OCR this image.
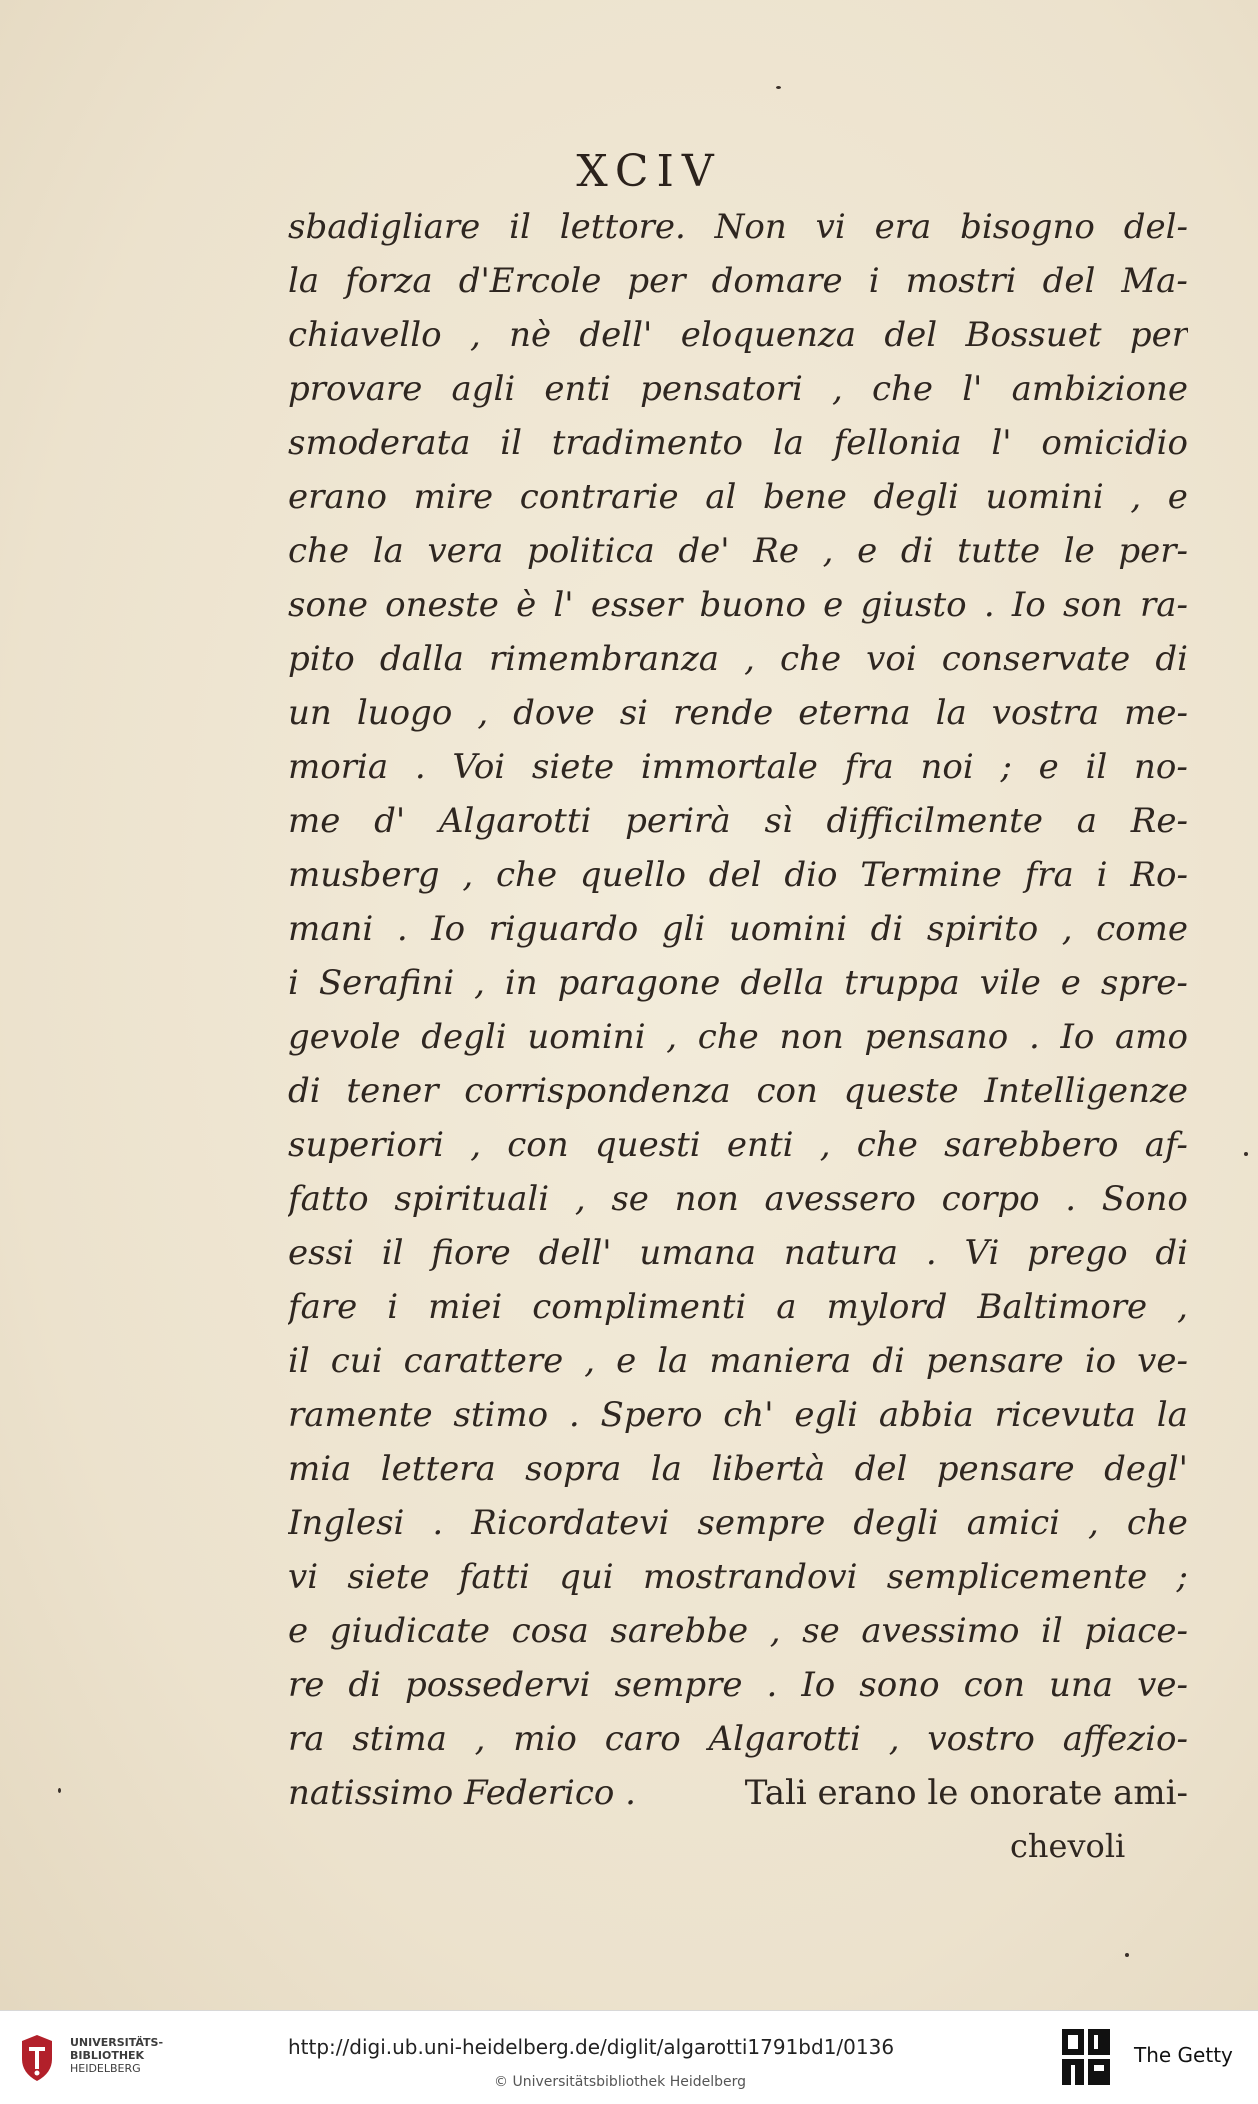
XCIV
sbadigliare il lettore. Non vi era bisogno del-
la forza d'Ercole per domare i mostri del Ma-
chiavello , nè dell' eloquenza del Bossuet per
provare agli enti pensatori , che l' ambizione
smoderata il tradimento la fellonia l' omicidio
erano mire contrarie al bene degli uomini , e
che la vera politica de' Re , e di tutte le per-
sone oneste è l' esser buono e giusto . Io son ra-
pito dalla rimembranza , che voi conservate di
un luogo , dove si rende eterna la vostra me-
moria . Voi siete immortale fra noi ; e il no-
me d' Algarotti perirà sì difficilmente a Re-
musberg , che quello del dio Termine fra i Ro-
mani . Io riguardo gli uomini di spirito , come
i Serafini , in paragone della truppa vile e spre-
gevole degli uomini , che non pensano . Io amo
di tener corrispondenza con queste Intelligenze
superiori , con questi enti , che sarebbero af-
fatto spirituali , se non avessero corpo . Sono
essi il fiore dell' umana natura . Vi prego di
fare i miei complimenti a mylord Baltimore ,
il cui carattere , e la maniera di pensare io ve-
ramente stimo . Spero ch' egli abbia ricevuta la
mia lettera sopra la libertà del pensare degl'
Inglesi . Ricordatevi sempre degli amici , che
vi siete fatti qui mostrandovi semplicemente ;
e giudicate cosa sarebbe , se avessimo il piace-
re di possedervi sempre . Io sono con una ve-
ra stima , mio caro Algarotti , vostro affezio-
natissimo Federico .	Tali erano le onorate ami-
chevoli
UNIVERSITÄTS-
BIBLIOTHEK
HEIDELBERG
http://digi.ub.uni-heidelberg.de/diglit/algarotti1791bd1/0136
© Universitätsbibliothek Heidelberg
The Getty
